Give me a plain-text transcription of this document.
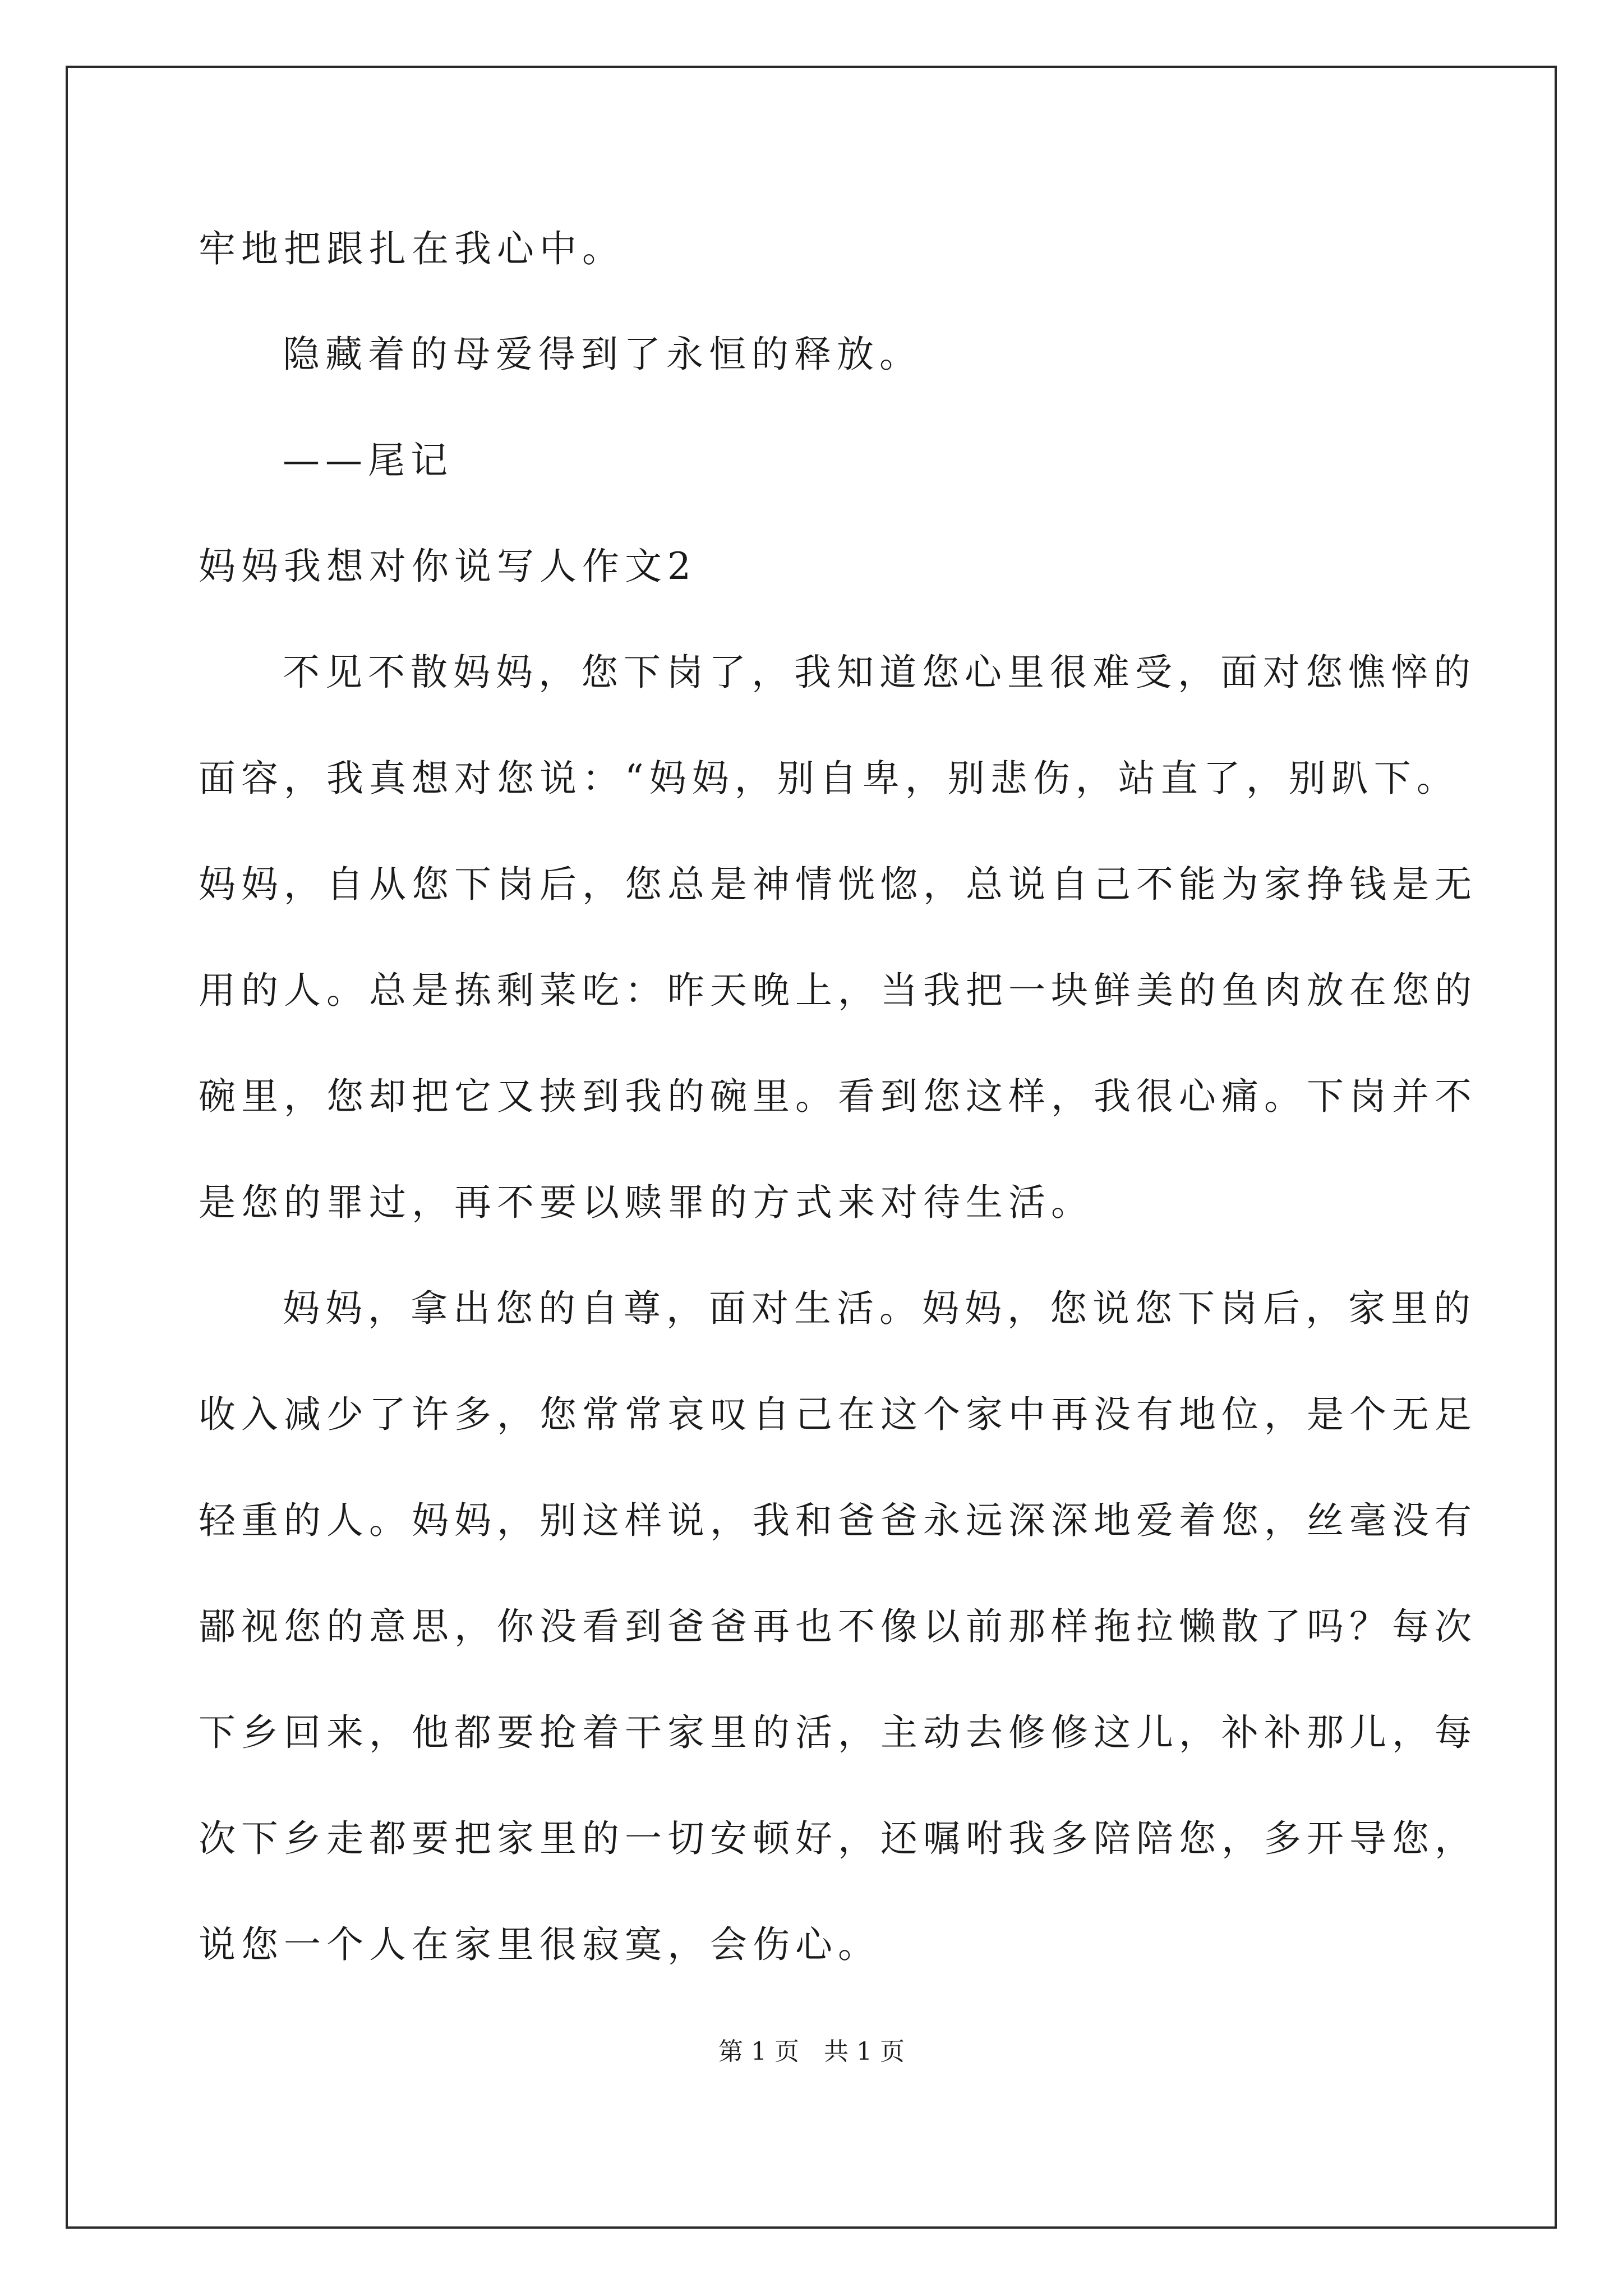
牢地把跟扎在我心中。
隐藏着的母爱得到了永恒的释放。
——尾记
妈妈我想对你说写人作文2
不见不散妈妈，您下岗了，我知道您心里很难受，面对您憔悴的
面容，我真想对您说：“妈妈，别自卑，别悲伤，站直了，别趴下。
妈妈，自从您下岗后，您总是神情恍惚，总说自己不能为家挣钱是无
用的人。总是拣剩菜吃：昨天晚上，当我把一块鲜美的鱼肉放在您的
碗里，您却把它又挟到我的碗里。看到您这样，我很心痛。下岗并不
是您的罪过，再不要以赎罪的方式来对待生活。
妈妈，拿出您的自尊，面对生活。妈妈，您说您下岗后，家里的
收入减少了许多，您常常哀叹自己在这个家中再没有地位，是个无足
轻重的人。妈妈，别这样说，我和爸爸永远深深地爱着您，丝毫没有
鄙视您的意思，你没看到爸爸再也不像以前那样拖拉懒散了吗？每次
下乡回来，他都要抢着干家里的活，主动去修修这儿，补补那儿，每
次下乡走都要把家里的一切安顿好，还嘱咐我多陪陪您，多开导您，
说您一个人在家里很寂寞，会伤心。
第 1 页　共 1 页
